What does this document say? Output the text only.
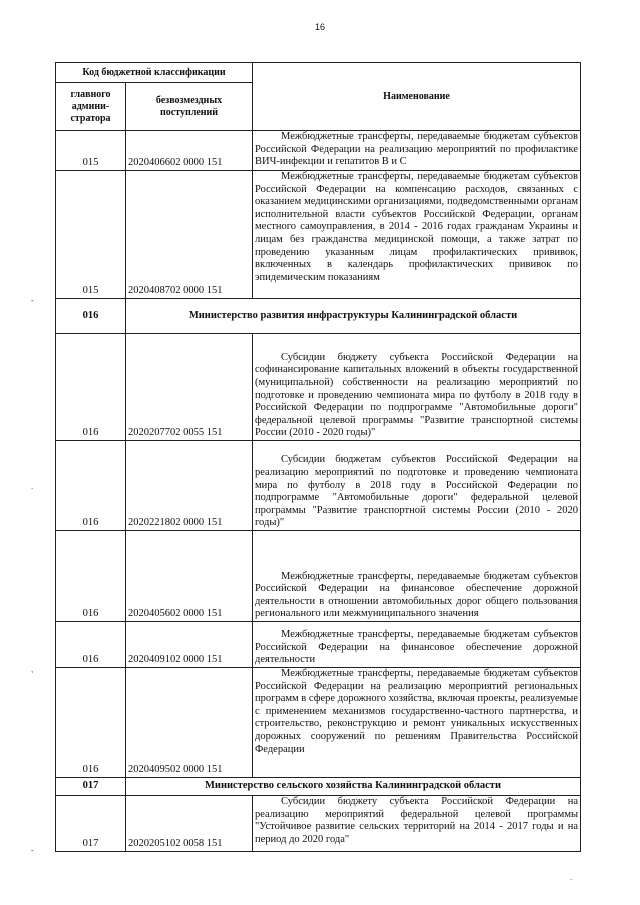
16
-
.
,
-
.
Код бюджетной классификации		Наименование
главного админи-стратора	безвозмездных поступлений	
015	2020406602 0000 151	Межбюджетные трансферты, передаваемые бюджетам субъектов Российской Федерации на реализацию мероприятий по профилактике ВИЧ-инфекции и гепатитов В и С
015	2020408702 0000 151	Межбюджетные трансферты, передаваемые бюджетам субъектов Российской Федерации на компенсацию расходов, связанных с оказанием медицинскими организациями, подведомственными органам исполнительной власти субъектов Российской Федерации, органам местного самоуправления, в 2014 - 2016 годах гражданам Украины и лицам без гражданства медицинской помощи, а также затрат по проведению указанным лицам профилактических прививок, включенных в календарь профилактических прививок по эпидемическим показаниям
016	Министерство развития инфраструктуры Калининградской области	
016	2020207702 0055 151	Субсидии бюджету субъекта Российской Федерации на софинансирование капитальных вложений в объекты государственной (муниципальной) собственности на реализацию мероприятий по подготовке и проведению чемпионата мира по футболу в 2018 году в Российской Федерации по подпрограмме "Автомобильные дороги" федеральной целевой программы "Развитие транспортной системы России (2010 - 2020 годы)"
016	2020221802 0000 151	Субсидии бюджетам субъектов Российской Федерации на реализацию мероприятий по подготовке и проведению чемпионата мира по футболу в 2018 году в Российской Федерации по подпрограмме "Автомобильные дороги" федеральной целевой программы "Развитие транспортной системы России (2010 - 2020 годы)"
016	2020405602 0000 151	Межбюджетные трансферты, передаваемые бюджетам субъектов Российской Федерации на финансовое обеспечение дорожной деятельности в отношении автомобильных дорог общего пользования регионального или межмуниципального значения
016	2020409102 0000 151	Межбюджетные трансферты, передаваемые бюджетам субъектов Российской Федерации на финансовое обеспечение дорожной деятельности
016	2020409502 0000 151	Межбюджетные трансферты, передаваемые бюджетам субъектов Российской Федерации на реализацию мероприятий региональных программ в сфере дорожного хозяйства, включая проекты, реализуемые с применением механизмов государственно-частного партнерства, и строительство, реконструкцию и ремонт уникальных искусственных дорожных сооружений по решениям Правительства Российской Федерации
017	Министерство сельского хозяйства Калининградской области	
017	2020205102 0058 151	Субсидии бюджету субъекта Российской Федерации на реализацию мероприятий федеральной целевой программы "Устойчивое развитие сельских территорий на 2014 - 2017 годы и на период до 2020 года"
